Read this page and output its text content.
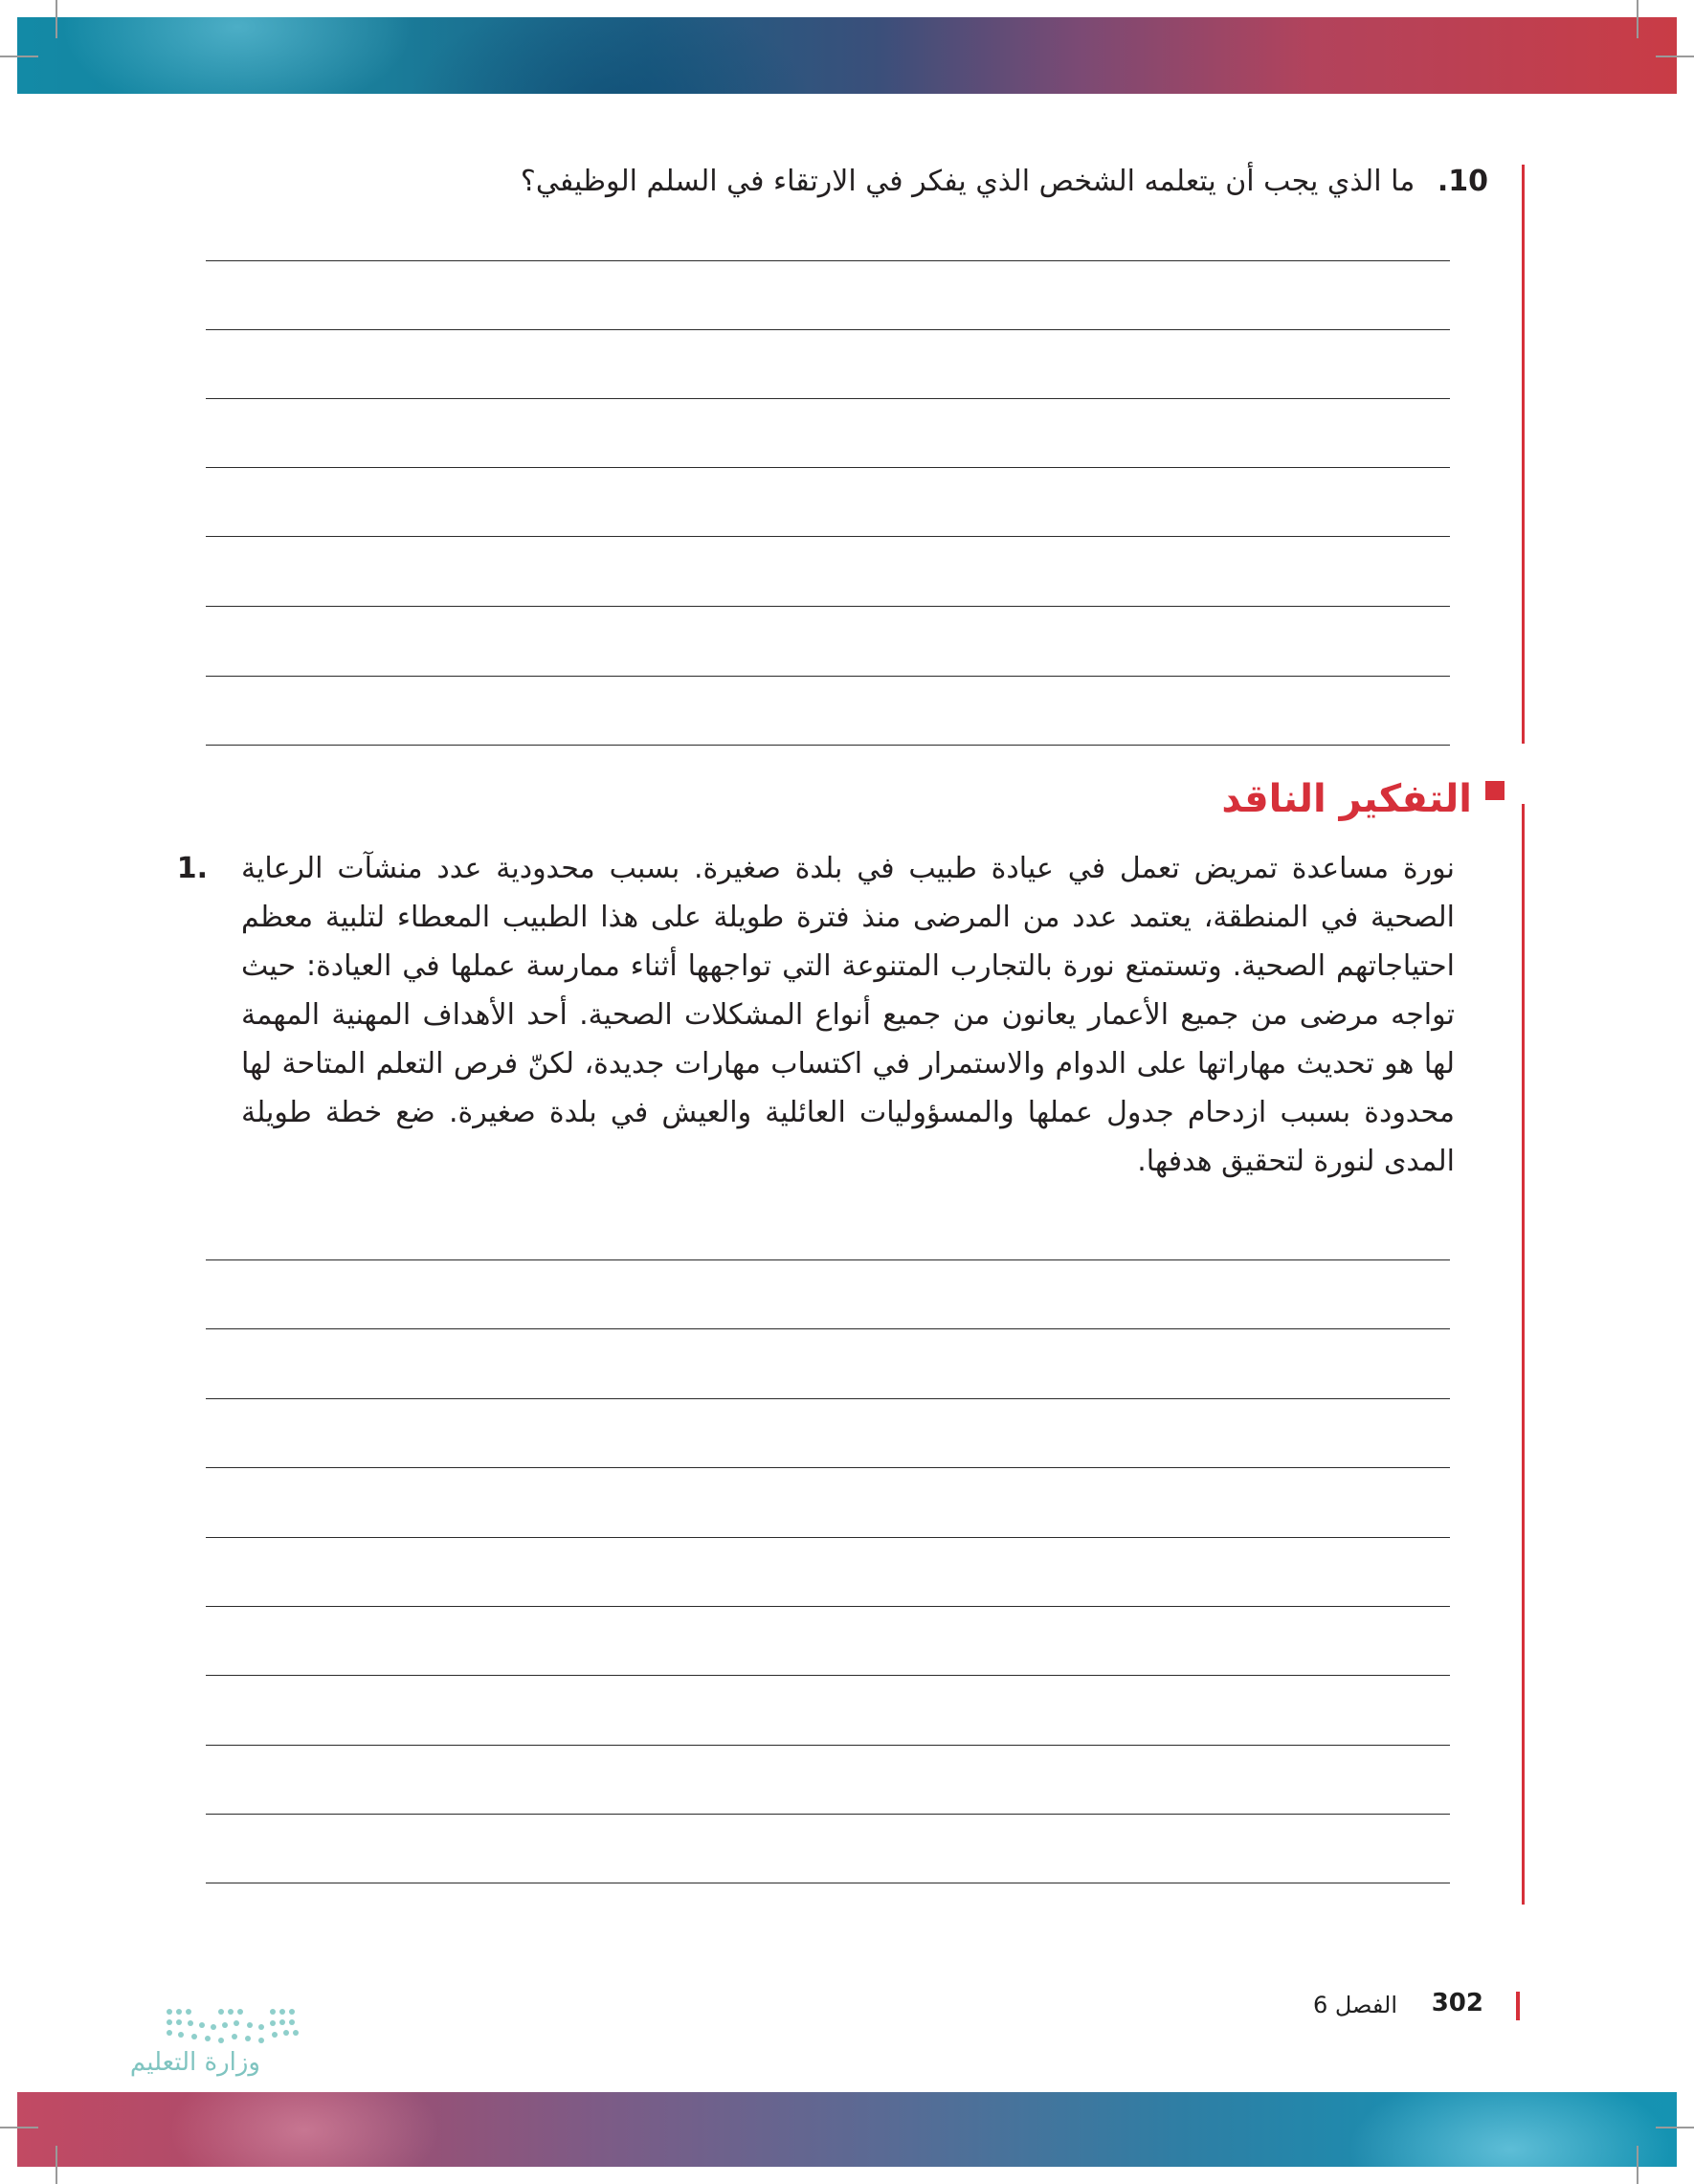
10. ما الذي يجب أن يتعلمه الشخص الذي يفكر في الارتقاء في السلم الوظيفي؟
التفكير الناقد
1. نورة مساعدة تمريض تعمل في عيادة طبيب في بلدة صغيرة. بسبب محدودية عدد منشآت الرعاية الصحية في المنطقة، يعتمد عدد من المرضى منذ فترة طويلة على هذا الطبيب المعطاء لتلبية معظم احتياجاتهم الصحية. وتستمتع نورة بالتجارب المتنوعة التي تواجهها أثناء ممارسة عملها في العيادة: حيث تواجه مرضى من جميع الأعمار يعانون من جميع أنواع المشكلات الصحية. أحد الأهداف المهنية المهمة لها هو تحديث مهاراتها على الدوام والاستمرار في اكتساب مهارات جديدة، لكنّ فرص التعلم المتاحة لها محدودة بسبب ازدحام جدول عملها والمسؤوليات العائلية والعيش في بلدة صغيرة. ضع خطة طويلة المدى لنورة لتحقيق هدفها.
302
الفصل 6
وزارة التعليم
